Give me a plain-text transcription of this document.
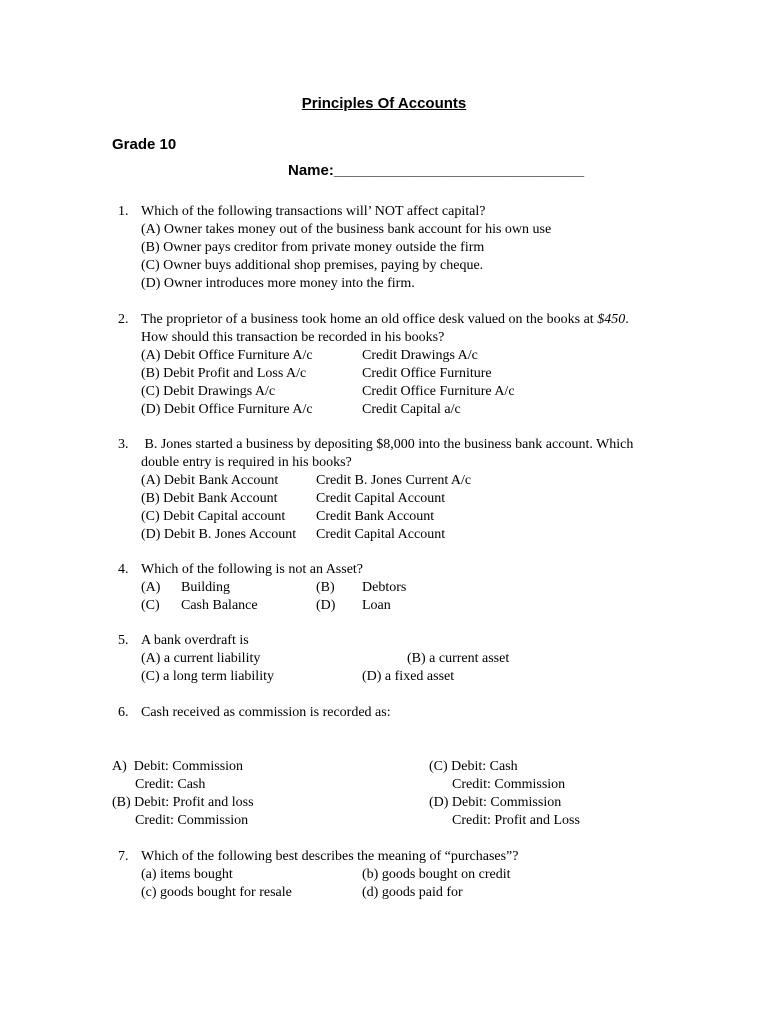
Principles Of Accounts
Grade 10
Name:______________________________
1. Which of the following transactions will’ NOT affect capital?
(A) Owner takes money out of the business bank account for his own use
(B) Owner pays creditor from private money outside the firm
(C) Owner buys additional shop premises, paying by cheque.
(D) Owner introduces more money into the firm.
2. The proprietor of a business took home an old office desk valued on the books at $450.
How should this transaction be recorded in his books?
(A) Debit Office Furniture A/c	Credit Drawings A/c
(B) Debit Profit and Loss A/c	Credit Office Furniture
(C) Debit Drawings A/c	Credit Office Furniture A/c
(D) Debit Office Furniture A/c	Credit Capital a/c
3. B. Jones started a business by depositing $8,000 into the business bank account. Which
double entry is required in his books?
(A) Debit Bank Account	Credit B. Jones Current A/c
(B) Debit Bank Account	Credit Capital Account
(C) Debit Capital account Credit Bank Account
(D) Debit B. Jones Account Credit Capital Account
4. Which of the following is not an Asset?
(A) Building	(B) Debtors
(C) Cash Balance	(D) Loan
5. A bank overdraft is
(A) a current liability	(B) a current asset
(C) a long term liability	(D) a fixed asset
6. Cash received as commission is recorded as:
A)  Debit: Commission
Credit: Cash
(C) Debit: Cash
Credit: Commission
(B) Debit: Profit and loss
Credit: Commission
(D) Debit: Commission
Credit: Profit and Loss
7. Which of the following best describes the meaning of “purchases”?
(a) items bought	(b) goods bought on credit
(c) goods bought for resale	(d) goods paid for
